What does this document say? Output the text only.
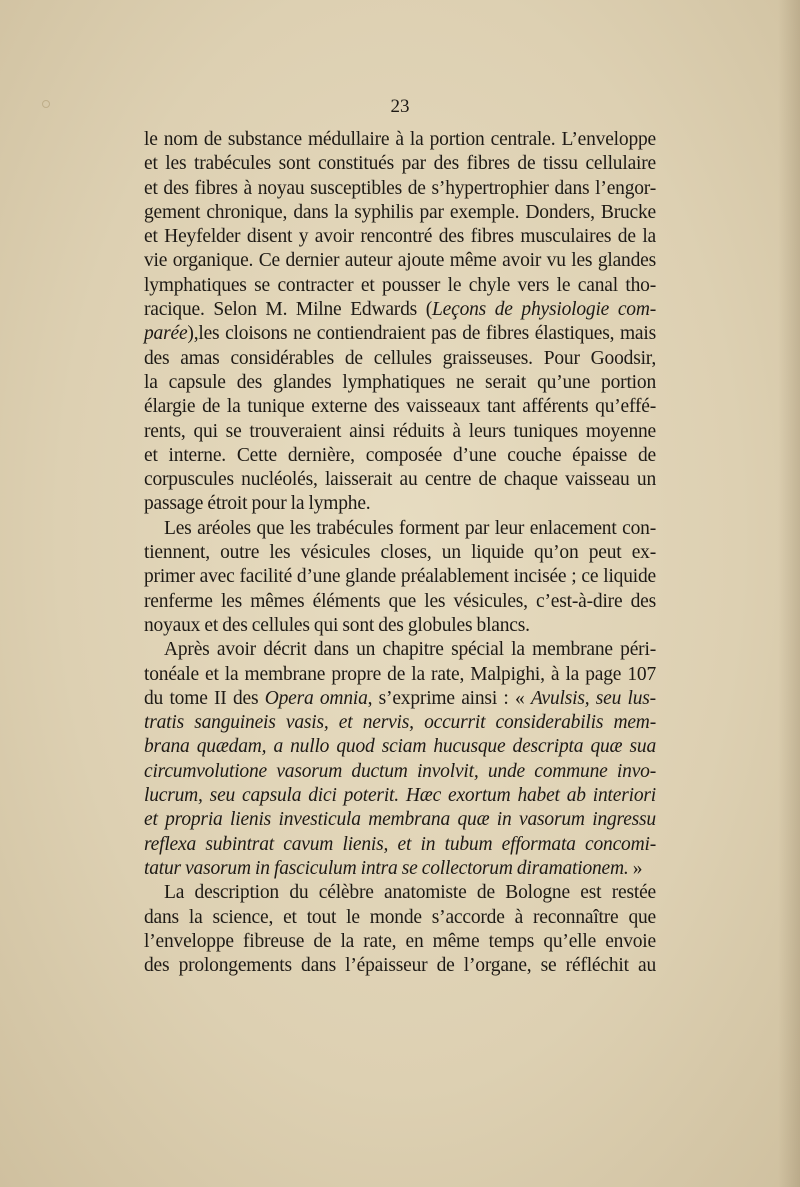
23
le nom de substance médullaire à la portion centrale. L’enveloppe
et les trabécules sont constitués par des fibres de tissu cellulaire
et des fibres à noyau susceptibles de s’hypertrophier dans l’engor-
gement chronique, dans la syphilis par exemple. Donders, Brucke
et Heyfelder disent y avoir rencontré des fibres musculaires de la
vie organique. Ce dernier auteur ajoute même avoir vu les glandes
lymphatiques se contracter et pousser le chyle vers le canal tho-
racique. Selon M. Milne Edwards (Leçons de physiologie com-
parée),les cloisons ne contiendraient pas de fibres élastiques, mais
des amas considérables de cellules graisseuses. Pour Goodsir,
la capsule des glandes lymphatiques ne serait qu’une portion
élargie de la tunique externe des vaisseaux tant afférents qu’effé-
rents, qui se trouveraient ainsi réduits à leurs tuniques moyenne
et interne. Cette dernière, composée d’une couche épaisse de
corpuscules nucléolés, laisserait au centre de chaque vaisseau un
passage étroit pour la lymphe.
Les aréoles que les trabécules forment par leur enlacement con-
tiennent, outre les vésicules closes, un liquide qu’on peut ex-
primer avec facilité d’une glande préalablement incisée ; ce liquide
renferme les mêmes éléments que les vésicules, c’est-à-dire des
noyaux et des cellules qui sont des globules blancs.
Après avoir décrit dans un chapitre spécial la membrane péri-
tonéale et la membrane propre de la rate, Malpighi, à la page 107
du tome II des Opera omnia, s’exprime ainsi : « Avulsis, seu lus-
tratis sanguineis vasis, et nervis, occurrit considerabilis mem-
brana quædam, a nullo quod sciam hucusque descripta quæ sua
circumvolutione vasorum ductum involvit, unde commune invo-
lucrum, seu capsula dici poterit. Hæc exortum habet ab interiori
et propria lienis investicula membrana quæ in vasorum ingressu
reflexa subintrat cavum lienis, et in tubum efformata concomi-
tatur vasorum in fasciculum intra se collectorum diramationem. »
La description du célèbre anatomiste de Bologne est restée
dans la science, et tout le monde s’accorde à reconnaître que
l’enveloppe fibreuse de la rate, en même temps qu’elle envoie
des prolongements dans l’épaisseur de l’organe, se réfléchit au
